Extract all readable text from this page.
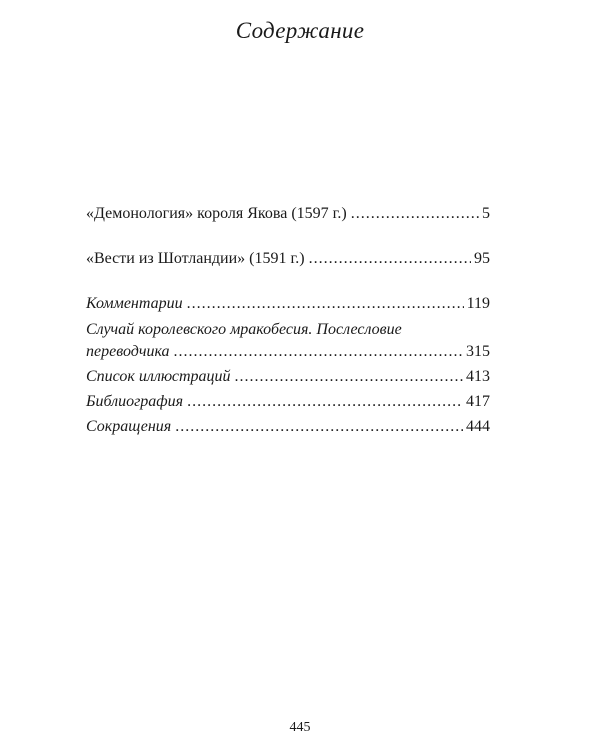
Содержание
«Демонология» короля Якова (1597 г.) .....	5
«Вести из Шотландии» (1591 г.) .....	95
Комментарии .....	119
Случай королевского мракобесия. Послесловие
переводчика .....	315
Список иллюстраций .....	413
Библиография .....	417
Сокращения .....	444
445
